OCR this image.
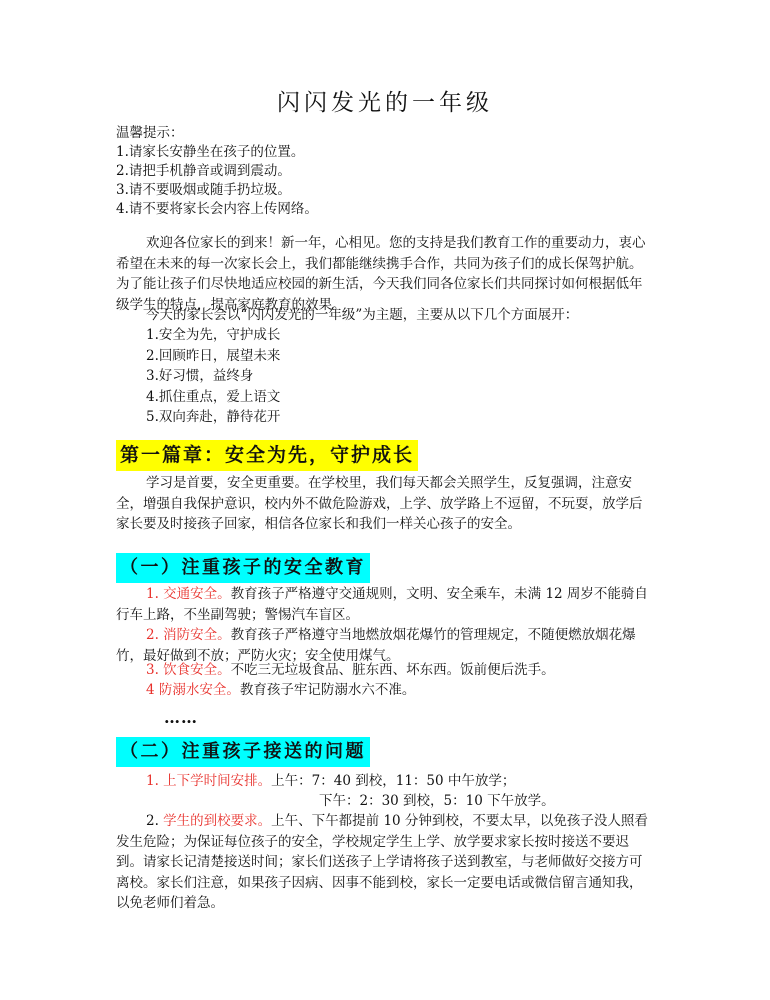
闪闪发光的一年级
温馨提示：
1.请家长安静坐在孩子的位置。
2.请把手机静音或调到震动。
3.请不要吸烟或随手扔垃圾。
4.请不要将家长会内容上传网络。
欢迎各位家长的到来！新一年，心相见。您的支持是我们教育工作的重要动力，衷心希望在未来的每一次家长会上，我们都能继续携手合作，共同为孩子们的成长保驾护航。为了能让孩子们尽快地适应校园的新生活，今天我们同各位家长们共同探讨如何根据低年级学生的特点，提高家庭教育的效果。
今天的家长会以“闪闪发光的一年级”为主题，主要从以下几个方面展开：
1.安全为先，守护成长
2.回顾昨日，展望未来
3.好习惯，益终身
4.抓住重点，爱上语文
5.双向奔赴，静待花开
第一篇章：安全为先，守护成长
学习是首要，安全更重要。在学校里，我们每天都会关照学生，反复强调，注意安全，增强自我保护意识，校内外不做危险游戏，上学、放学路上不逗留，不玩耍，放学后家长要及时接孩子回家，相信各位家长和我们一样关心孩子的安全。
（一）注重孩子的安全教育
1. 交通安全。教育孩子严格遵守交通规则，文明、安全乘车，未满 12 周岁不能骑自行车上路，不坐副驾驶；警惕汽车盲区。
2. 消防安全。教育孩子严格遵守当地燃放烟花爆竹的管理规定，不随便燃放烟花爆竹，最好做到不放；严防火灾；安全使用煤气。
3. 饮食安全。不吃三无垃圾食品、脏东西、坏东西。饭前便后洗手。
4 防溺水安全。教育孩子牢记防溺水六不准。
……
（二）注重孩子接送的问题
1. 上下学时间安排。上午：7：40 到校，11：50 中午放学；
下午：2：30 到校，5：10 下午放学。
2. 学生的到校要求。上午、下午都提前 10 分钟到校，不要太早，以免孩子没人照看发生危险；为保证每位孩子的安全，学校规定学生上学、放学要求家长按时接送不要迟到。请家长记清楚接送时间；家长们送孩子上学请将孩子送到教室，与老师做好交接方可离校。家长们注意，如果孩子因病、因事不能到校，家长一定要电话或微信留言通知我，以免老师们着急。
